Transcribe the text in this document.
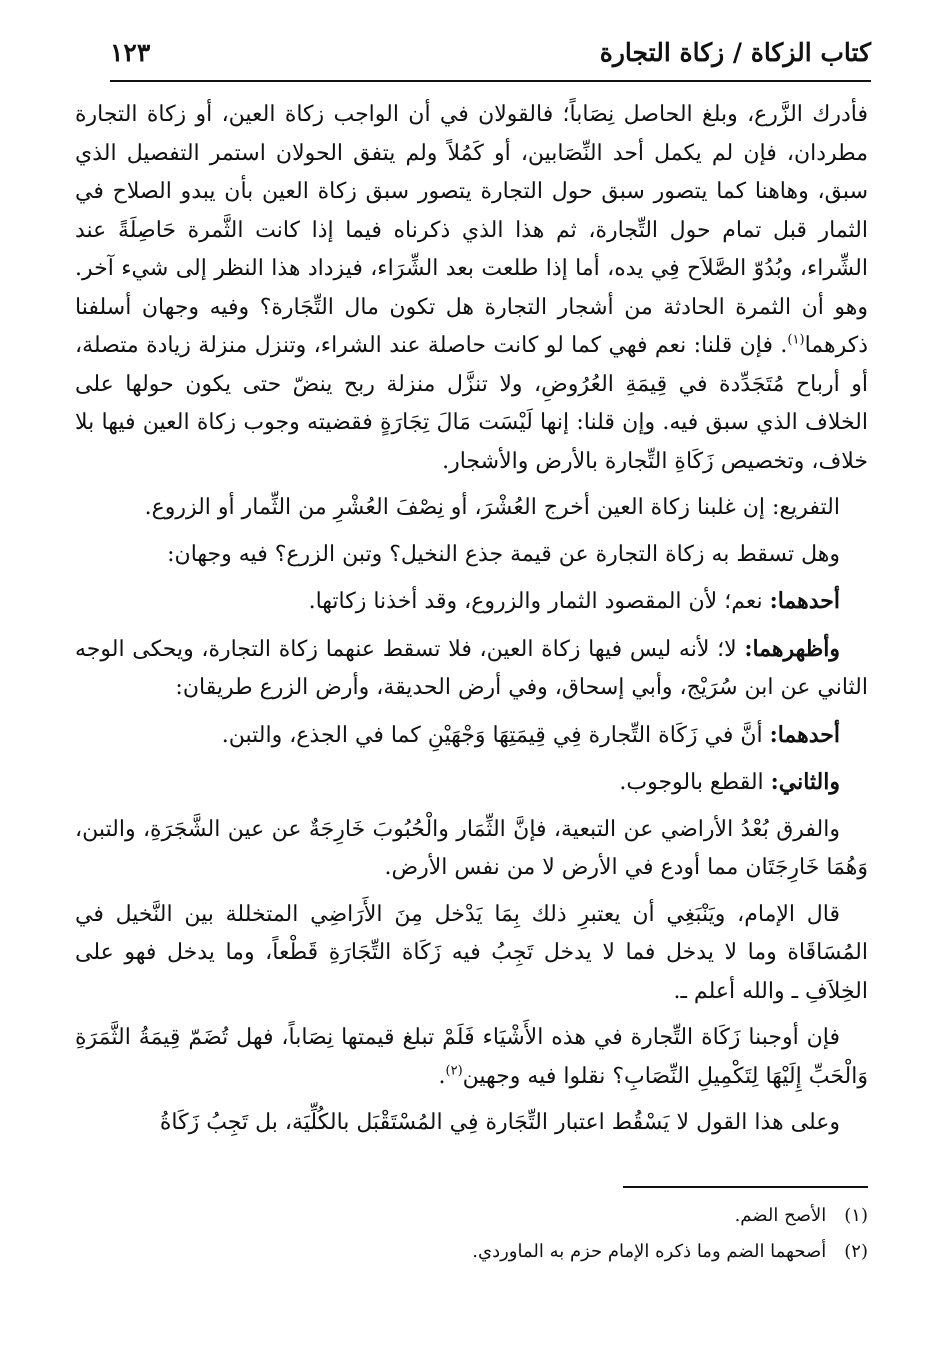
كتاب الزكاة / زكاة التجارة
١٢٣

فأدرك الزَّرع، وبلغ الحاصل نِصَاباً؛ فالقولان في أن الواجب زكاة العين، أو زكاة التجارة مطردان، فإن لم يكمل أحد النِّصَابين، أو كَمُلاً ولم يتفق الحولان استمر التفصيل الذي سبق، وهاهنا كما يتصور سبق حول التجارة يتصور سبق زكاة العين بأن يبدو الصلاح في الثمار قبل تمام حول التِّجارة، ثم هذا الذي ذكرناه فيما إذا كانت الثَّمرة حَاصِلَةً عند الشِّراء، وبُدُوّ الصَّلاَح فِي يده، أما إذا طلعت بعد الشِّرَاء، فيزداد هذا النظر إلى شيء آخر. وهو أن الثمرة الحادثة من أشجار التجارة هل تكون مال التِّجَارة؟ وفيه وجهان أسلفنا ذكرهما$^{(١)}$. فإن قلنا: نعم فهي كما لو كانت حاصلة عند الشراء، وتنزل منزلة زيادة متصلة، أو أرباح مُتَجَدِّدة في قِيمَةِ العُرُوضِ، ولا تنزَّل منزلة ربح ينضّ حتى يكون حولها على الخلاف الذي سبق فيه. وإن قلنا: إنها لَيْسَت مَالَ تِجَارَةٍ فقضيته وجوب زكاة العين فيها بلا خلاف، وتخصيص زَكَاةِ التِّجارة بالأرض والأشجار.

التفريع: إن غلبنا زكاة العين أخرج العُشْرَ، أو نِصْفَ العُشْرِ من الثِّمار أو الزروع.

وهل تسقط به زكاة التجارة عن قيمة جذع النخيل؟ وتبن الزرع؟ فيه وجهان:

أحدهما: نعم؛ لأن المقصود الثمار والزروع، وقد أخذنا زكاتها.

وأظهرهما: لا؛ لأنه ليس فيها زكاة العين، فلا تسقط عنهما زكاة التجارة، ويحكى الوجه الثاني عن ابن سُرَيْج، وأبي إسحاق، وفي أرض الحديقة، وأرض الزرع طريقان:

أحدهما: أنَّ في زَكَاة التِّجارة فِي قِيمَتِهَا وَجْهَيْنِ كما في الجذع، والتبن.

والثاني: القطع بالوجوب.

والفرق بُعْدُ الأراضي عن التبعية، فإنَّ الثِّمَار والْحُبُوبَ خَارِجَةٌ عن عين الشَّجَرَةِ، والتبن، وَهُمَا خَارِجَتَان مما أودع في الأرض لا من نفس الأرض.

قال الإمام، ويَنْبَغِي أن يعتبرِ ذلك بِمَا يَدْخل مِنَ الأَرَاضِي المتخللة بين النَّخيل في المُسَاقَاة وما لا يدخل فما لا يدخل تَجِبُ فيه زَكَاة التِّجَارَةِ قَطْعاً، وما يدخل فهو على الخِلاَفِ ـ والله أعلم ـ.

فإن أوجبنا زَكَاة التِّجارة في هذه الأَشْيَاء فَلَمْ تبلغ قيمتها نِصَاباً، فهل تُضَمّ قِيمَةُ الثَّمَرَةِ وَالْحَبِّ إِلَيْهَا لِتَكْمِيلِ النِّصَابِ؟ نقلوا فيه وجهين$^{(٢)}$.

وعلى هذا القول لا يَسْقُط اعتبار التِّجَارة فِي المُسْتَقْبَل بالكُلِّيَة، بل تَجِبُ زَكَاةُ

(١)الأصح الضم.
(٢)أصحهما الضم وما ذكره الإمام حزم به الماوردي.
